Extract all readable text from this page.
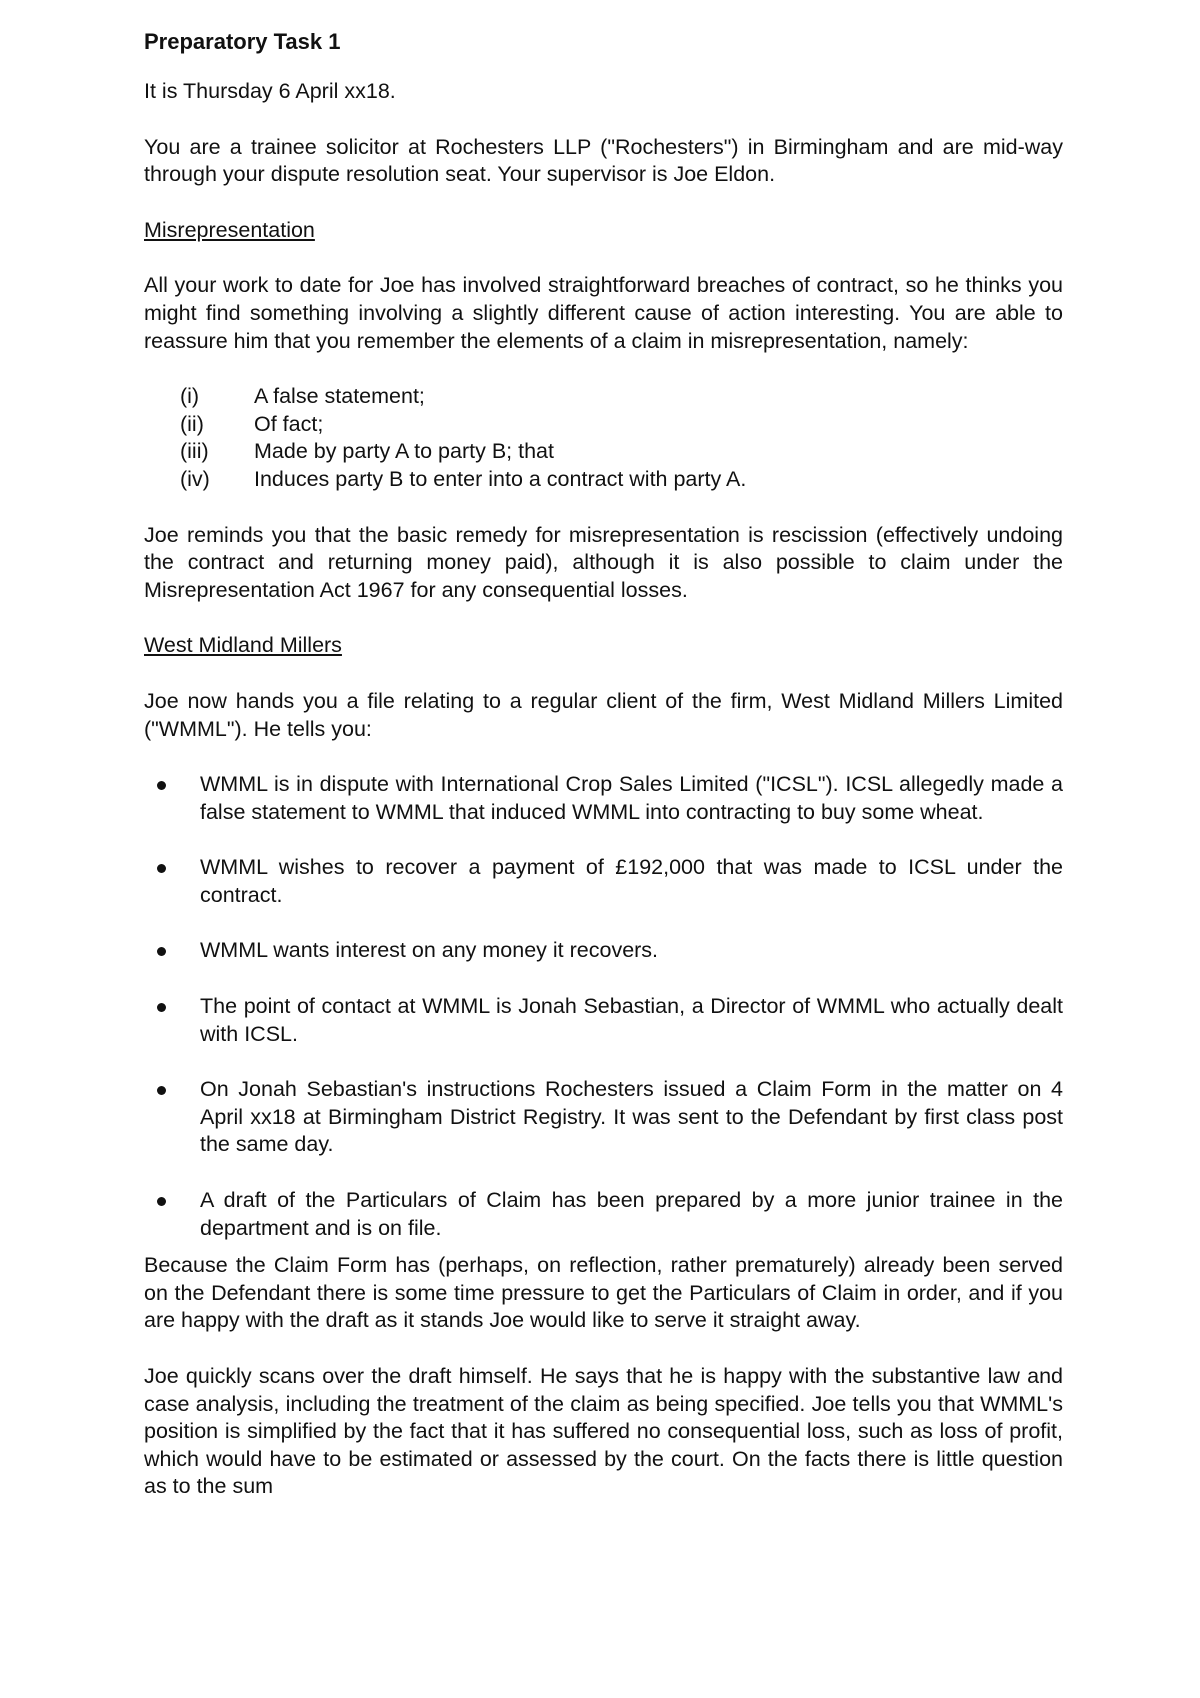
Preparatory Task 1

It is Thursday 6 April xx18.

You are a trainee solicitor at Rochesters LLP ("Rochesters") in Birmingham and are mid-way through your dispute resolution seat. Your supervisor is Joe Eldon.

Misrepresentation

All your work to date for Joe has involved straightforward breaches of contract, so he thinks you might find something involving a slightly different cause of action interesting. You are able to reassure him that you remember the elements of a claim in misrepresentation, namely:

(i)	A false statement;
(ii)	Of fact;
(iii)	Made by party A to party B; that
(iv)	Induces party B to enter into a contract with party A.

Joe reminds you that the basic remedy for misrepresentation is rescission (effectively undoing the contract and returning money paid), although it is also possible to claim under the Misrepresentation Act 1967 for any consequential losses.

West Midland Millers

Joe now hands you a file relating to a regular client of the firm, West Midland Millers Limited ("WMML"). He tells you:

WMML is in dispute with International Crop Sales Limited ("ICSL"). ICSL allegedly made a false statement to WMML that induced WMML into contracting to buy some wheat.
WMML wishes to recover a payment of £192,000 that was made to ICSL under the contract.
WMML wants interest on any money it recovers.
The point of contact at WMML is Jonah Sebastian, a Director of WMML who actually dealt with ICSL.
On Jonah Sebastian's instructions Rochesters issued a Claim Form in the matter on 4 April xx18 at Birmingham District Registry. It was sent to the Defendant by first class post the same day.
A draft of the Particulars of Claim has been prepared by a more junior trainee in the department and is on file.

Because the Claim Form has (perhaps, on reflection, rather prematurely) already been served on the Defendant there is some time pressure to get the Particulars of Claim in order, and if you are happy with the draft as it stands Joe would like to serve it straight away.

Joe quickly scans over the draft himself. He says that he is happy with the substantive law and case analysis, including the treatment of the claim as being specified. Joe tells you that WMML's position is simplified by the fact that it has suffered no consequential loss, such as loss of profit, which would have to be estimated or assessed by the court. On the facts there is little question as to the sum
